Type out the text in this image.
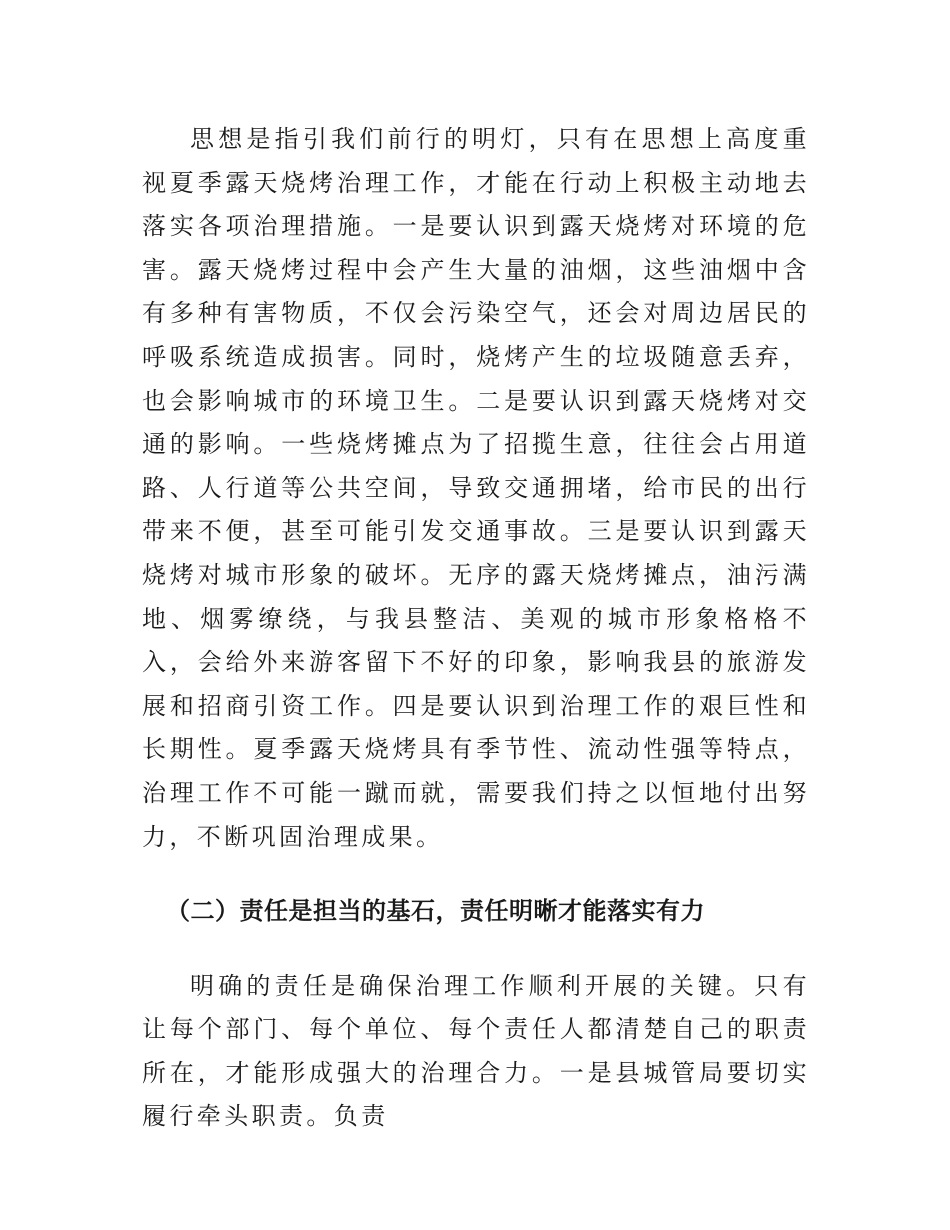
思想是指引我们前行的明灯，只有在思想上高度重视夏季露天烧烤治理工作，才能在行动上积极主动地去落实各项治理措施。一是要认识到露天烧烤对环境的危害。露天烧烤过程中会产生大量的油烟，这些油烟中含有多种有害物质，不仅会污染空气，还会对周边居民的呼吸系统造成损害。同时，烧烤产生的垃圾随意丢弃，也会影响城市的环境卫生。二是要认识到露天烧烤对交通的影响。一些烧烤摊点为了招揽生意，往往会占用道路、人行道等公共空间，导致交通拥堵，给市民的出行带来不便，甚至可能引发交通事故。三是要认识到露天烧烤对城市形象的破坏。无序的露天烧烤摊点，油污满地、烟雾缭绕，与我县整洁、美观的城市形象格格不入，会给外来游客留下不好的印象，影响我县的旅游发展和招商引资工作。四是要认识到治理工作的艰巨性和长期性。夏季露天烧烤具有季节性、流动性强等特点，治理工作不可能一蹴而就，需要我们持之以恒地付出努力，不断巩固治理成果。

（二）责任是担当的基石，责任明晰才能落实有力

明确的责任是确保治理工作顺利开展的关键。只有让每个部门、每个单位、每个责任人都清楚自己的职责所在，才能形成强大的治理合力。一是县城管局要切实履行牵头职责。负责
